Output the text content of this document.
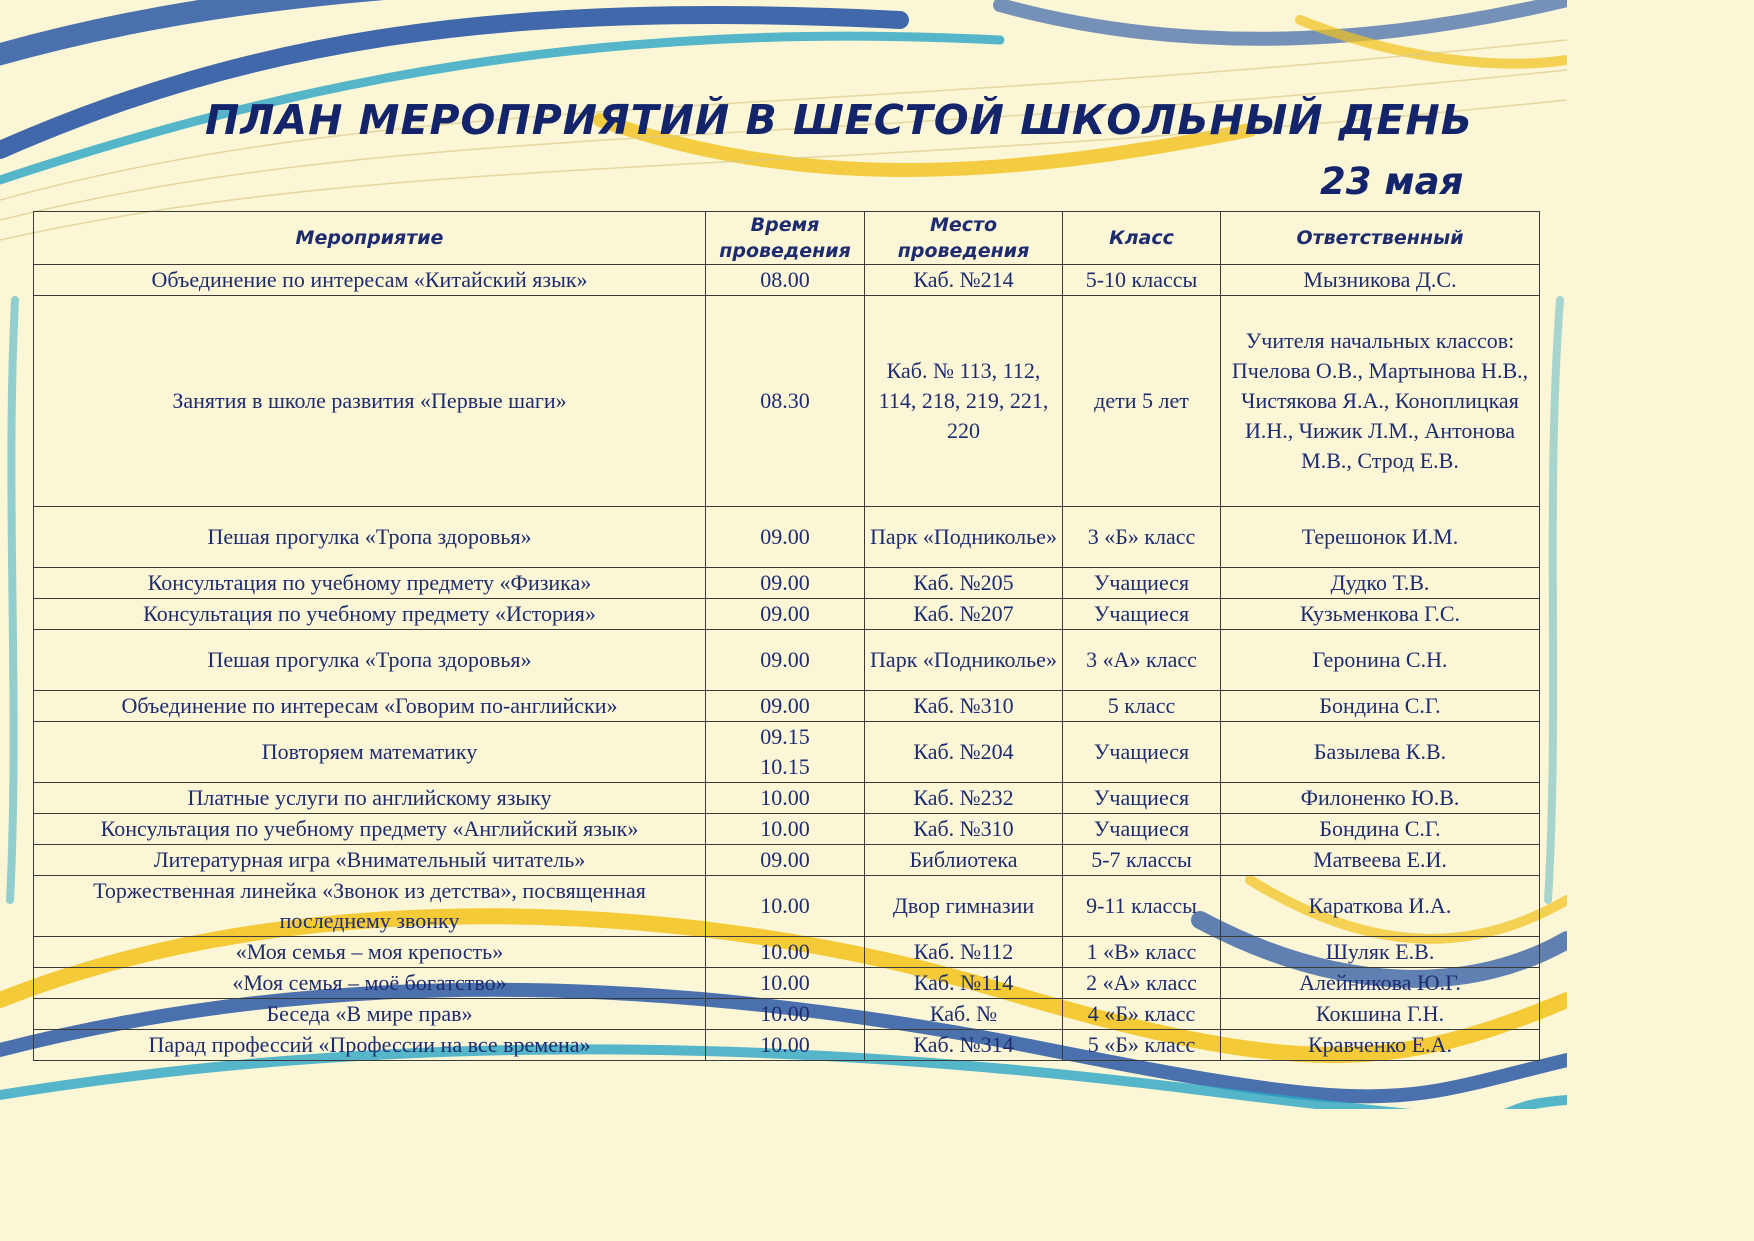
ПЛАН МЕРОПРИЯТИЙ В ШЕСТОЙ ШКОЛЬНЫЙ ДЕНЬ
23 мая
Мероприятие	Время проведения	Место проведения	Класс	Ответственный
Объединение по интересам «Китайский язык»	08.00	Каб. №214	5-10 классы	Мызникова Д.С.
Занятия в школе развития «Первые шаги»	08.30	Каб. № 113, 112, 114, 218, 219, 221, 220	дети 5 лет	Учителя начальных классов: Пчелова О.В., Мартынова Н.В., Чистякова Я.А., Коноплицкая И.Н., Чижик Л.М., Антонова М.В., Строд Е.В.
Пешая прогулка «Тропа здоровья»	09.00	Парк «Подниколье»	3 «Б» класс	Терешонок И.М.
Консультация по учебному предмету «Физика»	09.00	Каб. №205	Учащиеся	Дудко Т.В.
Консультация по учебному предмету «История»	09.00	Каб. №207	Учащиеся	Кузьменкова Г.С.
Пешая прогулка «Тропа здоровья»	09.00	Парк «Подниколье»	3 «А» класс	Геронина С.Н.
Объединение по интересам «Говорим по-английски»	09.00	Каб. №310	5 класс	Бондина С.Г.
Повторяем математику	09.15 10.15	Каб. №204	Учащиеся	Базылева К.В.
Платные услуги по английскому языку	10.00	Каб. №232	Учащиеся	Филоненко Ю.В.
Консультация по учебному предмету «Английский язык»	10.00	Каб. №310	Учащиеся	Бондина С.Г.
Литературная игра «Внимательный читатель»	09.00	Библиотека	5-7 классы	Матвеева Е.И.
Торжественная линейка «Звонок из детства», посвященная последнему звонку	10.00	Двор гимназии	9-11 классы	Караткова И.А.
«Моя семья – моя крепость»	10.00	Каб. №112	1 «В» класс	Шуляк Е.В.
«Моя семья – моё богатство»	10.00	Каб. №114	2 «А» класс	Алейникова Ю.Г.
Беседа «В мире прав»	10.00	Каб. №	4 «Б» класс	Кокшина Г.Н.
Парад профессий «Профессии на все времена»	10.00	Каб. №314	5 «Б» класс	Кравченко Е.А.
